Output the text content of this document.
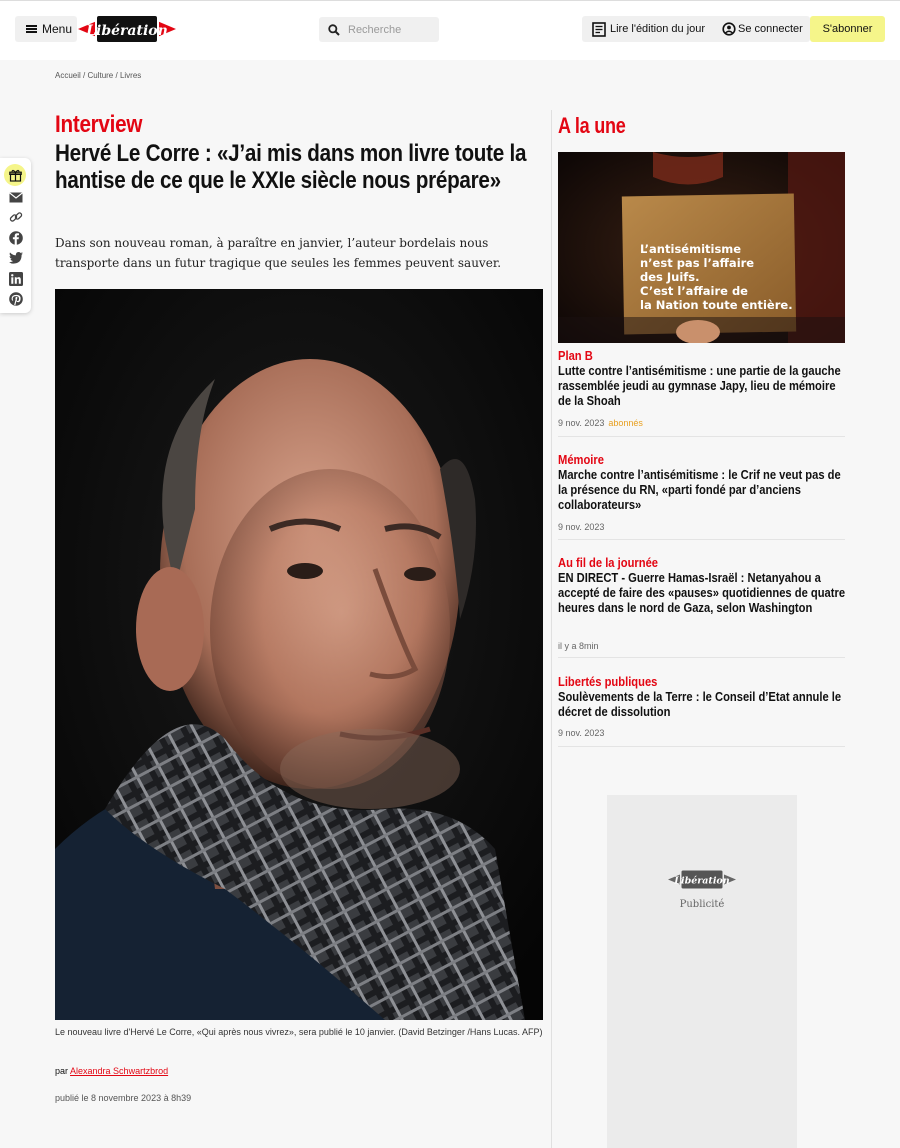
Menu Libération
Recherche	Lire l'édition du jour	Se connecter S'abonner
Accueil / Culture / Livres
Interview
Hervé Le Corre : «J’ai mis dans mon livre toute la hantise de ce que le XXIe siècle nous prépare»

Dans son nouveau roman, à paraître en janvier, l’auteur bordelais nous transporte dans un futur tragique que seules les femmes peuvent sauver.

Le nouveau livre d'Hervé Le Corre, «Qui après nous vivrez», sera publié le 10 janvier. (David Betzinger /Hans Lucas. AFP)

par Alexandra Schwartzbrod

publié le 8 novembre 2023 à 8h39

A la une
L’antisémitisme n’est pas l’affaire des Juifs. C’est l’affaire de la Nation toute entière.
Plan B
Lutte contre l’antisémitisme : une partie de la gauche rassemblée jeudi au gymnase Japy, lieu de mémoire de la Shoah
9 nov. 2023 abonnés
Mémoire
Marche contre l’antisémitisme : le Crif ne veut pas de la présence du RN, «parti fondé par d’anciens collaborateurs»
9 nov. 2023
Au fil de la journée
EN DIRECT - Guerre Hamas-Israël : Netanyahou a accepté de faire des «pauses» quotidiennes de quatre heures dans le nord de Gaza, selon Washington
il y a 8min
Libertés publiques
Soulèvements de la Terre : le Conseil d’Etat annule le décret de dissolution
9 nov. 2023
Libération
Publicité
